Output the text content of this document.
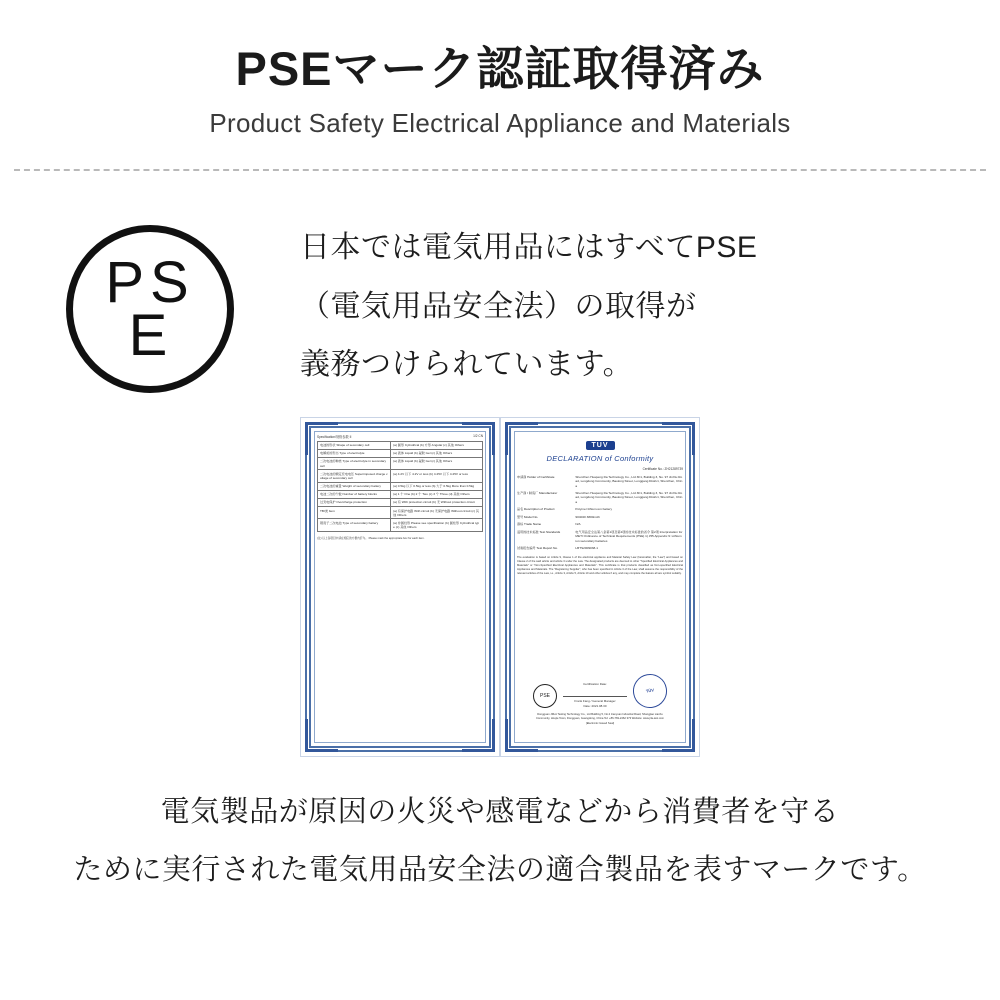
PSEマーク認証取得済み
Product Safety Electrical Appliance and Materials
P S
E
日本では電気用品にはすべてPSE
（電気用品安全法）の取得が
義務つけられています。
Specification/规格参数 II	1/2 CN
电池的形状 Shape of secondary cell	(a) 圆形 Cylindrical (b) 方形 Angular (c) 其他 Others
电解质的形态 Type of electrolyte	(a) 液体 Liquid (b) 凝胶 Gel (c) 其他 Others
二次电池的种类 Type of electrolyte in secondary cell	(a) 液体 Liquid (b) 凝胶 Gel (c) 其他 Others
二次电池的额定充电电压 Superimposed charge voltage of secondary cell	(a) 4.2V 以下 4.2V or less (b) 4.25V 以下 4.25V or less
二次电池的重量 Weight of secondary battery	(a) 0.5kg 以下 0.5kg or less (b) 大于 0.5kg More than 0.5kg
电池二次的个数 Number of battery blocks	(a) 1 个 One (b) 2 个 Two (c) 3 个 Three (d) 其他 Others
过充电保护 Overcharge protection	(a) 有 With protection circuit (b) 无 Without protection circuit
TBI类 Item	(a) 有保护电路 With circuit (b) 无保护电路 Without circuit (c) 其他 Others
锂离子二次电池 Type of secondary battery	(a) 非圆柱形 Please see specification (b) 圆柱形 Cylindrical type (c) 其他 Others
(注) 以上各项目中请在相应的方框内打勾。 Please mark the appropriate box for each item.
TUV
DECLARATION of Conformity
Certificate No.: ZH21289739
申请商 Holder of Certificate	Shenzhen Huapeng Da Technology Co., Ltd 3F1, Building 3, No. 97 JinXiu Road, Longdong Community, Baolong Street, Longgang District, Shenzhen, China
生产商 / 制造厂 Manufacturer	Shenzhen Huapeng Da Technology Co., Ltd 3F1, Building 3, No. 97 JinXiu Road, Longdong Community, Baolong Street, Longgang District, Shenzhen, China
品名 Description of Product	Polymer lithium-ion battery
型号 Model No.	904040 3800mAh
商标 Trade Name	N/A
适用的技术标准 Test Standards	电气用品安全法第八条第1项及第2项的技术标准的省令 第2项 Interpretation for METI Ordinance of Technical Requirements (PSE) 1) J55 Appendix 9: Lithium ion secondary batteries
试验报告编号 Test Report No.	LBTS2009038-1
The evaluation is based on Article 9, Clause 1 of the electrical appliance and Material Safety Law (hereinafter, the "Law") and based on Clause 2 of the said article and article 3 under the Law. The designated products are deemed to other "Specified Electrical Appliances and Materials" or "Non-Specified Electrical Appliances and Materials". This certificate is that products classified as Non-specified Electrical Appliances and Materials. The "Registering Supplier", who has been specified in Article 3 of the Law, shall assume the responsibility of the relevant articles of the Law, i.e., Article 3, Article 5, Article 10 and other articles if any, and may complete the feature all are symbol suitably.
PSE
Certification Date:
Frank Fang / General Manager
Date: 2021.08.30
TÜV
Dongguan JRLA Testing Technology Co., Ltd Building 5, No.2 Jianyuan Industrial Road, Shangjiao Lianhu Community, Houjie Town, Dongguan, Guangdong, China Tel: +86-769-2462 373 Website: www.jrla-test.com [Electronic Issued Seal]
電気製品が原因の火災や感電などから消費者を守る
ために実行された電気用品安全法の適合製品を表すマークです。
